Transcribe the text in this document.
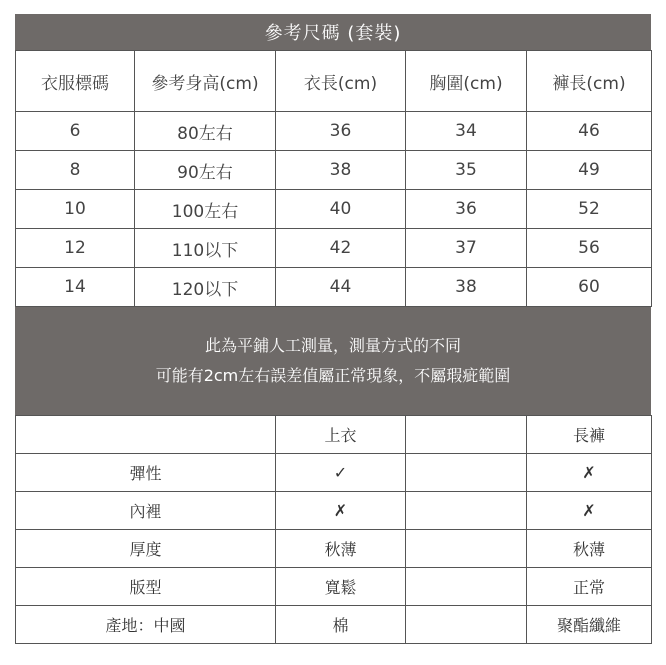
參考尺碼 (套裝)
衣服標碼	參考身高(cm)	衣長(cm)	胸圍(cm)	褲長(cm)
6	80左右	36	34	46
8	90左右	38	35	49
10	100左右	40	36	52
12	110以下	42	37	56
14	120以下	44	38	60
此為平鋪人工測量，測量方式的不同
可能有2cm左右誤差值屬正常現象，不屬瑕疵範圍
	上衣		長褲
彈性	✓		✗
內裡	✗		✗
厚度	秋薄		秋薄
版型	寬鬆		正常
產地：中國	棉		聚酯纖維
